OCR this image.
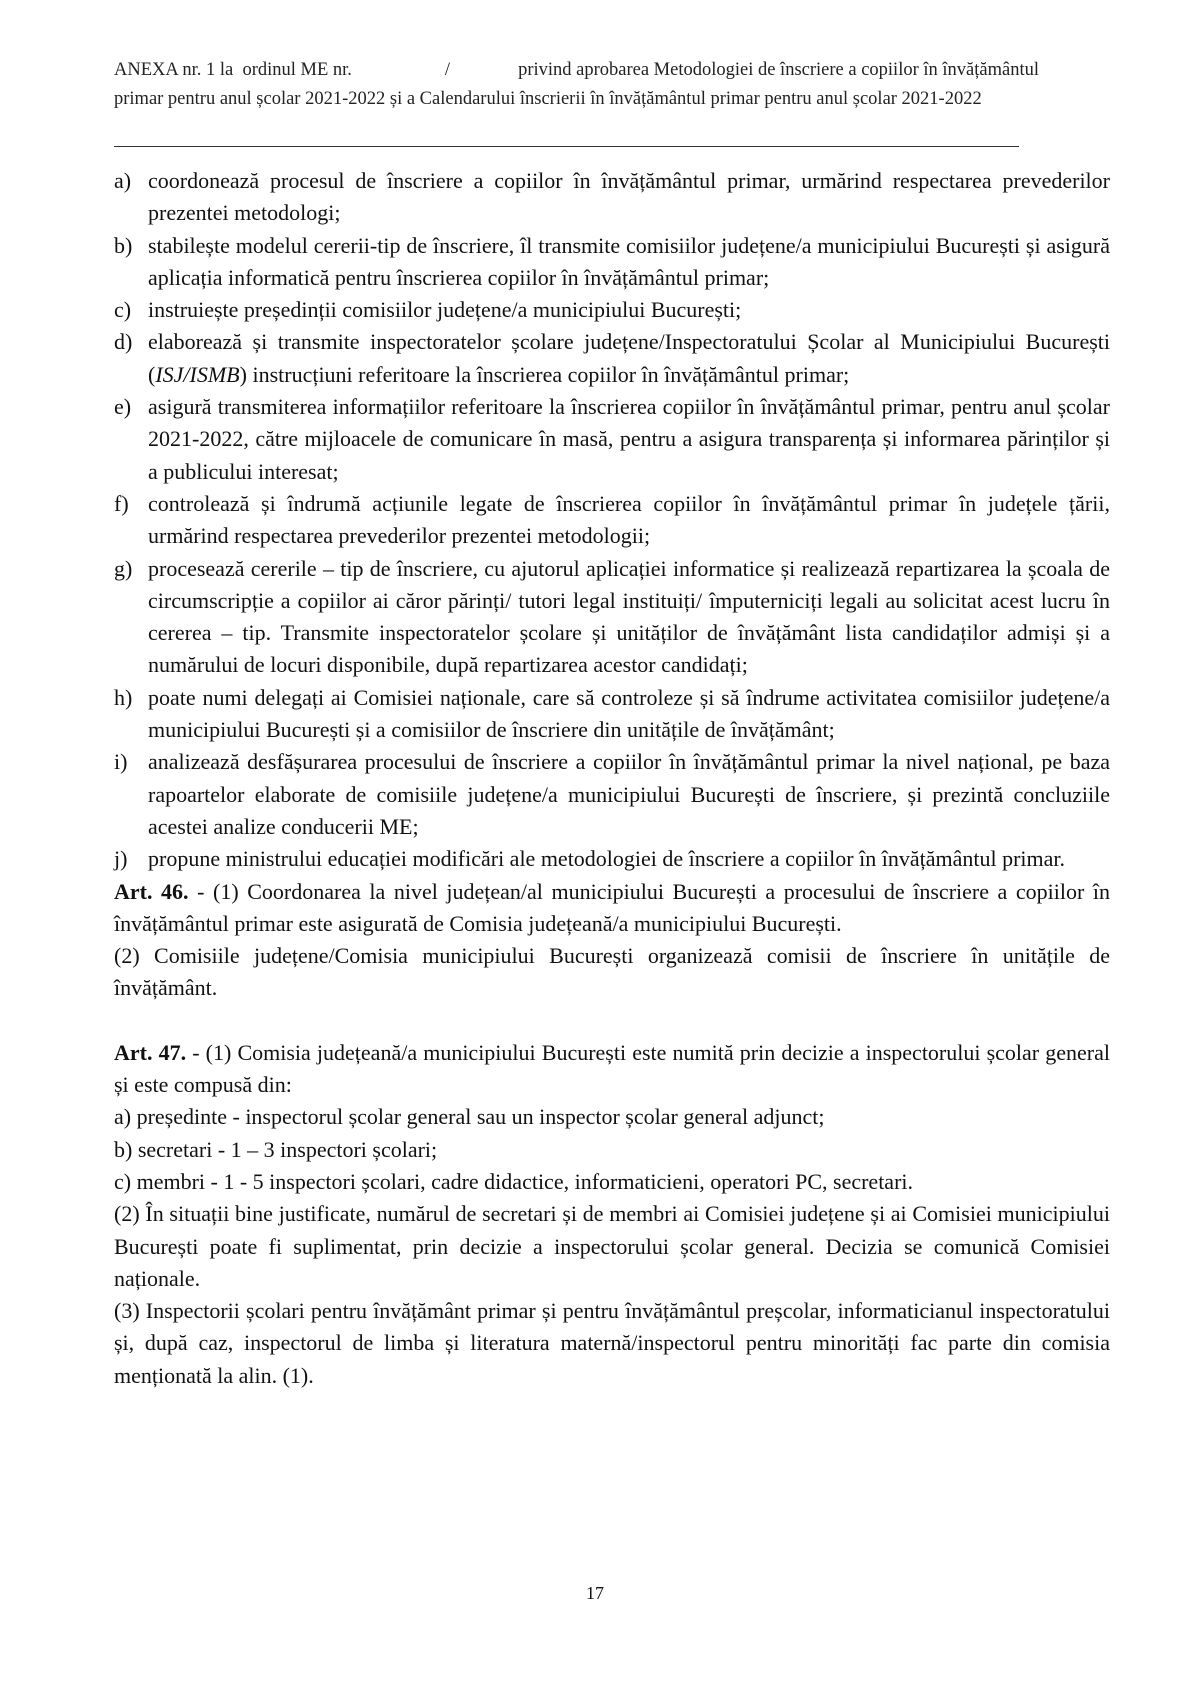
ANEXA nr. 1 la  ordinul ME nr.	/	privind aprobarea Metodologiei de înscriere a copiilor în învățământul
primar pentru anul școlar 2021-2022 și a Calendarului înscrierii în învățământul primar pentru anul școlar 2021-2022
a) coordonează procesul de înscriere a copiilor în învățământul primar, urmărind respectarea prevederilor prezentei metodologi;
b) stabilește modelul cererii-tip de înscriere, îl transmite comisiilor județene/a municipiului București și asigură aplicația informatică pentru înscrierea copiilor în învățământul primar;
c) instruiește președinții comisiilor județene/a municipiului București;
d) elaborează și transmite inspectoratelor școlare județene/Inspectoratului Școlar al Municipiului București (ISJ/ISMB) instrucțiuni referitoare la înscrierea copiilor în învățământul primar;
e) asigură transmiterea informațiilor referitoare la înscrierea copiilor în învățământul primar, pentru anul școlar 2021-2022, către mijloacele de comunicare în masă, pentru a asigura transparența și informarea părinților și a publicului interesat;
f) controlează și îndrumă acțiunile legate de înscrierea copiilor în învățământul primar în județele țării, urmărind respectarea prevederilor prezentei metodologii;
g) procesează cererile – tip de înscriere, cu ajutorul aplicației informatice și realizează repartizarea la școala de circumscripție a copiilor ai căror părinți/ tutori legal instituiți/ împuterniciți legali au solicitat acest lucru în cererea – tip. Transmite inspectoratelor școlare și unităților de învățământ lista candidaților admiși și a numărului de locuri disponibile, după repartizarea acestor candidați;
h) poate numi delegați ai Comisiei naționale, care să controleze și să îndrume activitatea comisiilor județene/a municipiului București și a comisiilor de înscriere din unitățile de învățământ;
i) analizează desfășurarea procesului de înscriere a copiilor în învățământul primar la nivel național, pe baza rapoartelor elaborate de comisiile județene/a municipiului București de înscriere, și prezintă concluziile acestei analize conducerii ME;
j) propune ministrului educației modificări ale metodologiei de înscriere a copiilor în învățământul primar.

Art. 46. - (1) Coordonarea la nivel județean/al municipiului București a procesului de înscriere a copiilor în învățământul primar este asigurată de Comisia județeană/a municipiului București.

(2) Comisiile județene/Comisia municipiului București organizează comisii de înscriere în unitățile de învățământ.

Art. 47. - (1) Comisia județeană/a municipiului București este numită prin decizie a inspectorului școlar general și este compusă din:

a) președinte - inspectorul școlar general sau un inspector școlar general adjunct;

b) secretari - 1 – 3 inspectori școlari;

c) membri - 1 - 5 inspectori școlari, cadre didactice, informaticieni, operatori PC, secretari.

(2) În situații bine justificate, numărul de secretari și de membri ai Comisiei județene și ai Comisiei municipiului București poate fi suplimentat, prin decizie a inspectorului școlar general. Decizia se comunică Comisiei naționale.

(3) Inspectorii școlari pentru învățământ primar și pentru învățământul preșcolar, informaticianul inspectoratului și, după caz, inspectorul de limba și literatura maternă/inspectorul pentru minorități fac parte din comisia menționată la alin. (1).

17
